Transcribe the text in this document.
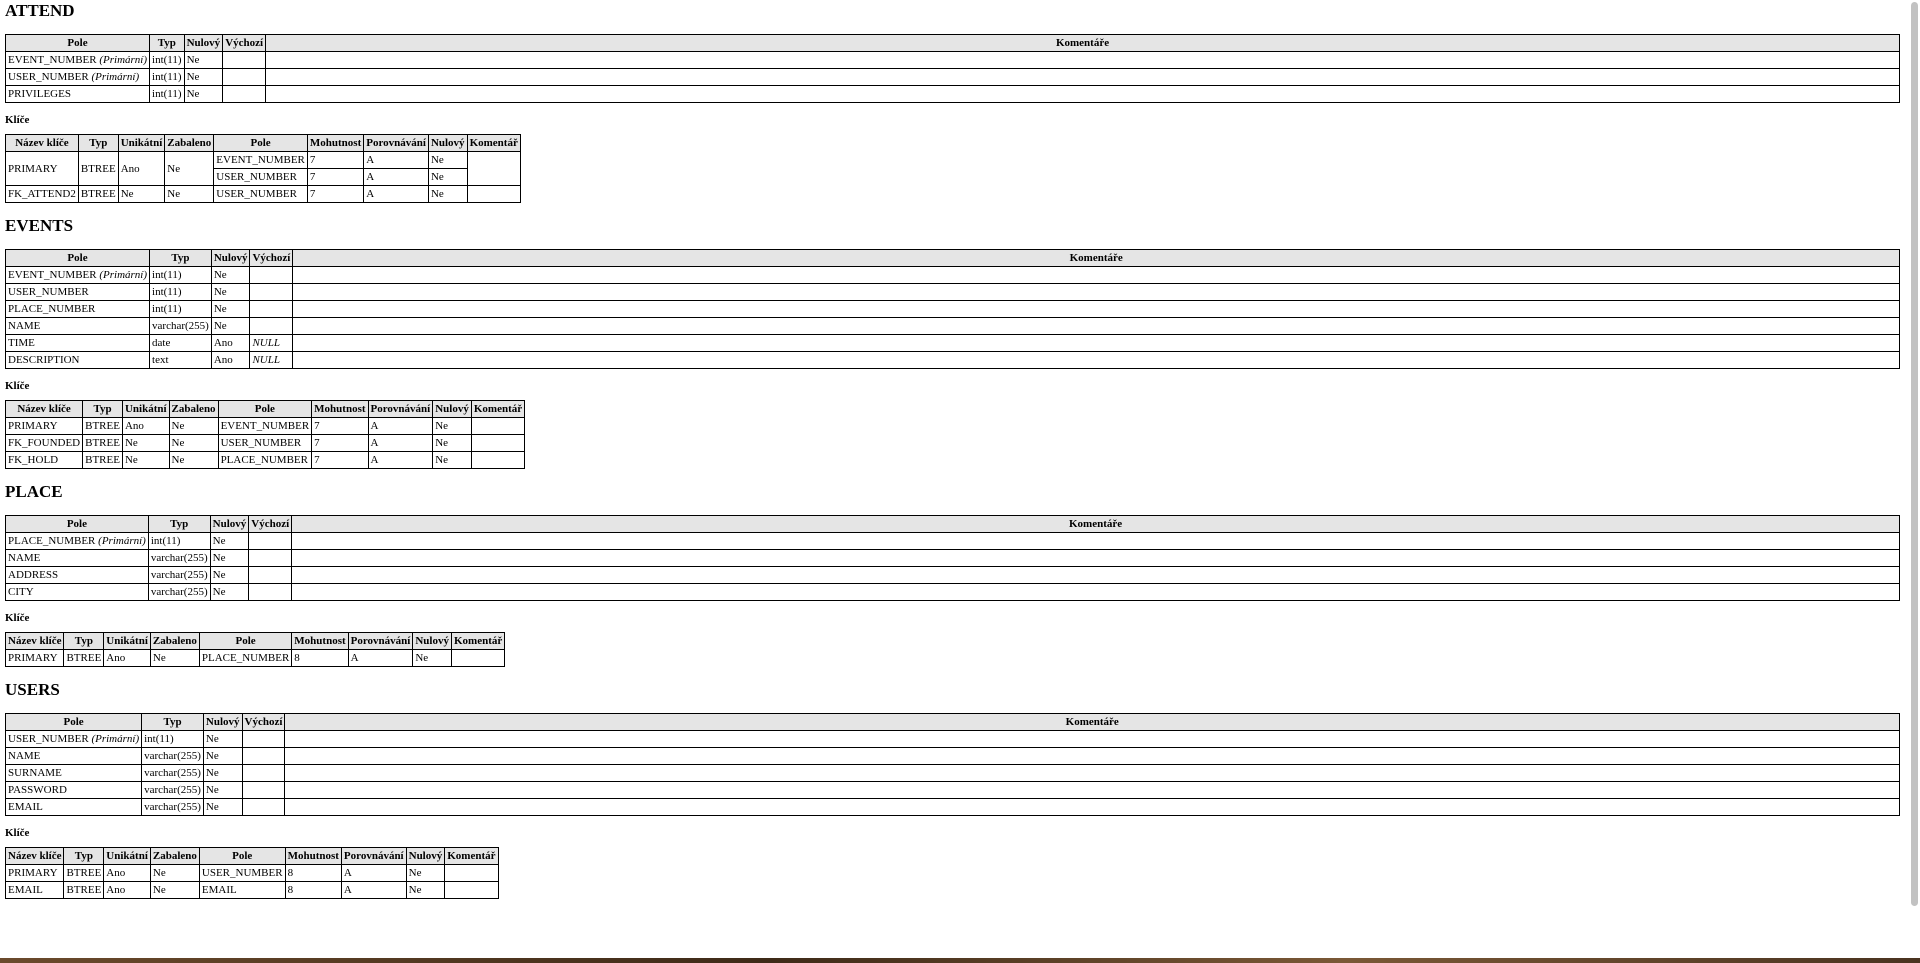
ATTEND
Pole	Typ	Nulový	Výchozí	Komentáře
EVENT_NUMBER (Primární)	int(11)	Ne		
USER_NUMBER (Primární)	int(11)	Ne		
PRIVILEGES	int(11)	Ne		
Klíče
Název klíče	Typ	Unikátní	Zabaleno	Pole	Mohutnost	Porovnávání	Nulový	Komentář
PRIMARY	BTREE	Ano	Ne	EVENT_NUMBER	7	A	Ne	
				USER_NUMBER	7	A	Ne	
FK_ATTEND2	BTREE	Ne	Ne	USER_NUMBER	7	A	Ne	
EVENTS
Pole	Typ	Nulový	Výchozí	Komentáře
EVENT_NUMBER (Primární)	int(11)	Ne		
USER_NUMBER	int(11)	Ne		
PLACE_NUMBER	int(11)	Ne		
NAME	varchar(255)	Ne		
TIME	date	Ano	NULL	
DESCRIPTION	text	Ano	NULL	
Klíče
Název klíče	Typ	Unikátní	Zabaleno	Pole	Mohutnost	Porovnávání	Nulový	Komentář
PRIMARY	BTREE	Ano	Ne	EVENT_NUMBER	7	A	Ne	
FK_FOUNDED	BTREE	Ne	Ne	USER_NUMBER	7	A	Ne	
FK_HOLD	BTREE	Ne	Ne	PLACE_NUMBER	7	A	Ne	
PLACE
Pole	Typ	Nulový	Výchozí	Komentáře
PLACE_NUMBER (Primární)	int(11)	Ne		
NAME	varchar(255)	Ne		
ADDRESS	varchar(255)	Ne		
CITY	varchar(255)	Ne		
Klíče
Název klíče	Typ	Unikátní	Zabaleno	Pole	Mohutnost	Porovnávání	Nulový	Komentář
PRIMARY	BTREE	Ano	Ne	PLACE_NUMBER	8	A	Ne	
USERS
Pole	Typ	Nulový	Výchozí	Komentáře
USER_NUMBER (Primární)	int(11)	Ne		
NAME	varchar(255)	Ne		
SURNAME	varchar(255)	Ne		
PASSWORD	varchar(255)	Ne		
EMAIL	varchar(255)	Ne		
Klíče
Název klíče	Typ	Unikátní	Zabaleno	Pole	Mohutnost	Porovnávání	Nulový	Komentář
PRIMARY	BTREE	Ano	Ne	USER_NUMBER	8	A	Ne	
EMAIL	BTREE	Ano	Ne	EMAIL	8	A	Ne	
